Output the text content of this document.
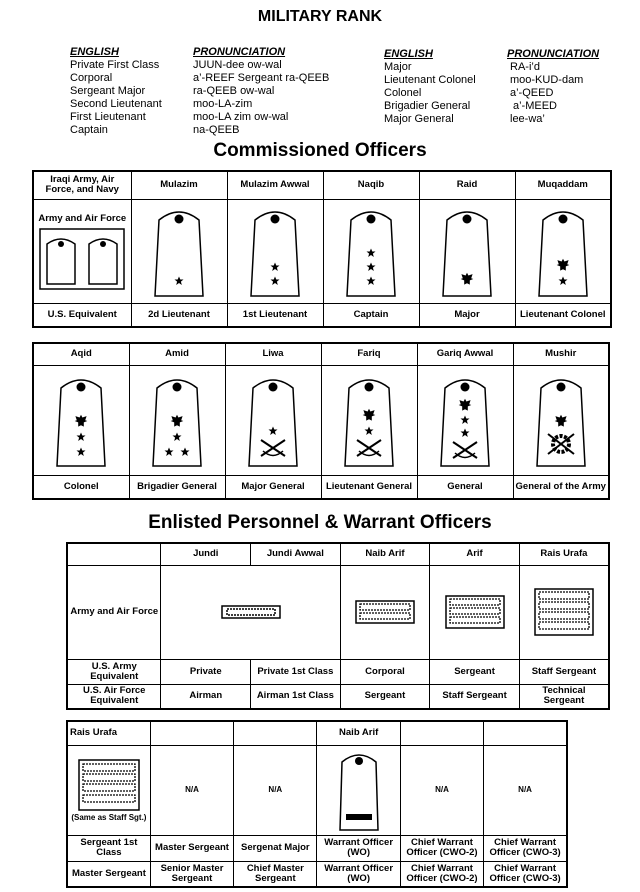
MILITARY RANK
ENGLISH	PRONUNCIATION
Private First Class	JUUN-dee ow-wal
Corporal	a’-REEF Sergeant ra-QEEB
Sergeant Major	ra-QEEB ow-wal
Second Lieutenant	moo-LA-zim
First Lieutenant	moo-LA zim ow-wal
Captain	na-QEEB
ENGLISH	PRONUNCIATION
Major	RA-i’d
Lieutenant Colonel	moo-KUD-dam
Colonel	a’-QEED
Brigadier General	a’-MEED
Major General	lee-wa’
Commissioned Officers
Iraqi Army, Air Force, and Navy	Mulazim	Mulazim Awwal	Naqib	Raid	Muqaddam

Army and Air Force

U.S. Equivalent	2d Lieutenant	1st Lieutenant	Captain	Major	Lieutenant Colonel
Aqid	Amid	Liwa	Fariq	Gariq Awwal	Mushir

Colonel	Brigadier General	Major General	Lieutenant General	General	General of the Army
Enlisted Personnel & Warrant Officers
	Jundi	Jundi Awwal	Naib Arif	Arif	Rais Urafa
Army and Air Force	

U.S. Army Equivalent	Private	Private 1st Class	Corporal	Sergeant	Staff Sergeant
U.S. Air Force Equivalent	Airman	Airman 1st Class	Sergeant	Staff Sergeant	Technical Sergeant
Rais Urafa			Naib Arif		

(Same as Staff Sgt.)	N/A	N/A		N/A	N/A
Sergeant 1st Class	Master Sergeant	Sergenat Major	Warrant Officer (WO)	Chief Warrant Officer (CWO-2)	Chief Warrant Officer (CWO-3)
Master Sergeant	Senior Master Sergeant	Chief Master Sergeant	Warrant Officer (WO)	Chief Warrant Officer (CWO-2)	Chief Warrant Officer (CWO-3)
